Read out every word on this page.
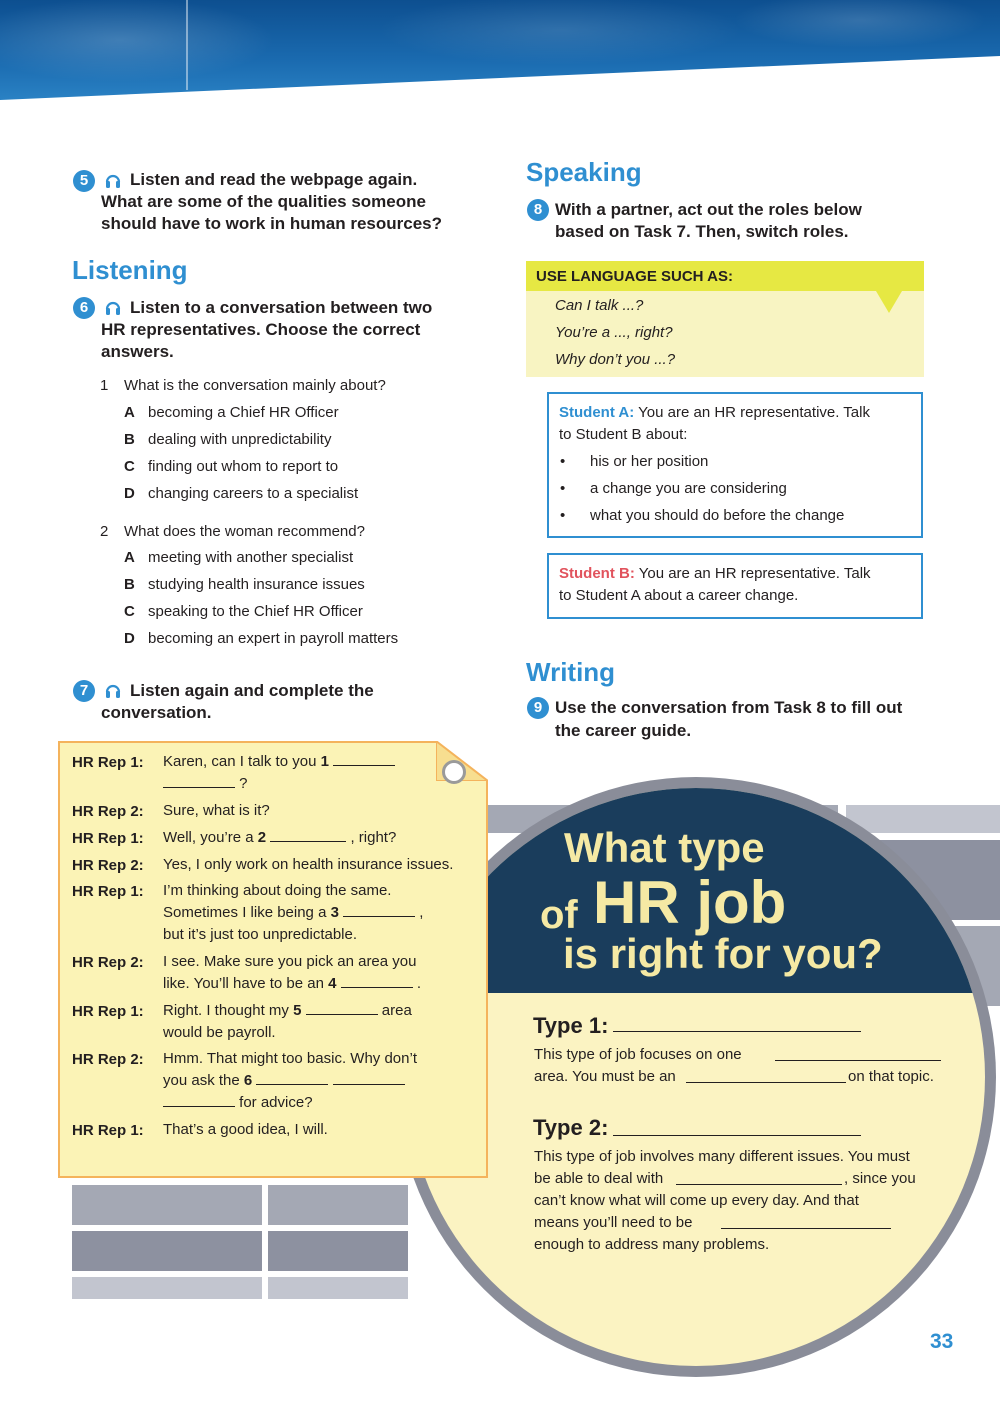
5	Listen and read the webpage again.
What are some of the qualities someone
should have to work in human resources?
Listening
6	Listen to a conversation between two
HR representatives. Choose the correct
answers.
1 What is the conversation mainly about?
A becoming a Chief HR Officer
B dealing with unpredictability
C finding out whom to report to
D changing careers to a specialist
2 What does the woman recommend?
A meeting with another specialist
B studying health insurance issues
C speaking to the Chief HR Officer
D becoming an expert in payroll matters
7	Listen again and complete the
conversation.
What type
of HR job
is right for you?
Type 1:
This type of job focuses on one
area. You must be an	on that topic.
Type 2:
This type of job involves many different issues. You must
be able to deal with	, since you
can’t know what will come up every day. And that
means you’ll need to be
enough to address many problems.
HR Rep 1: Karen, can I talk to you 1
?
HR Rep 2: Sure, what is it?
HR Rep 1: Well, you’re a 2	, right?
HR Rep 2: Yes, I only work on health insurance issues.
HR Rep 1: I’m thinking about doing the same.
Sometimes I like being a 3	,
but it’s just too unpredictable.
HR Rep 2: I see. Make sure you pick an area you
like. You’ll have to be an 4	.
HR Rep 1: Right. I thought my 5	area
would be payroll.
HR Rep 2: Hmm. That might too basic. Why don’t
you ask the 6
for advice?
HR Rep 1: That’s a good idea, I will.
Speaking
8 With a partner, act out the roles below
based on Task 7. Then, switch roles.
USE LANGUAGE SUCH AS:
Can I talk ...?
You’re a ..., right?
Why don’t you ...?
Student A: You are an HR representative. Talk
to Student B about:
• his or her position
• a change you are considering
• what you should do before the change
Student B: You are an HR representative. Talk
to Student A about a career change.
Writing
9 Use the conversation from Task 8 to fill out
the career guide.
33
